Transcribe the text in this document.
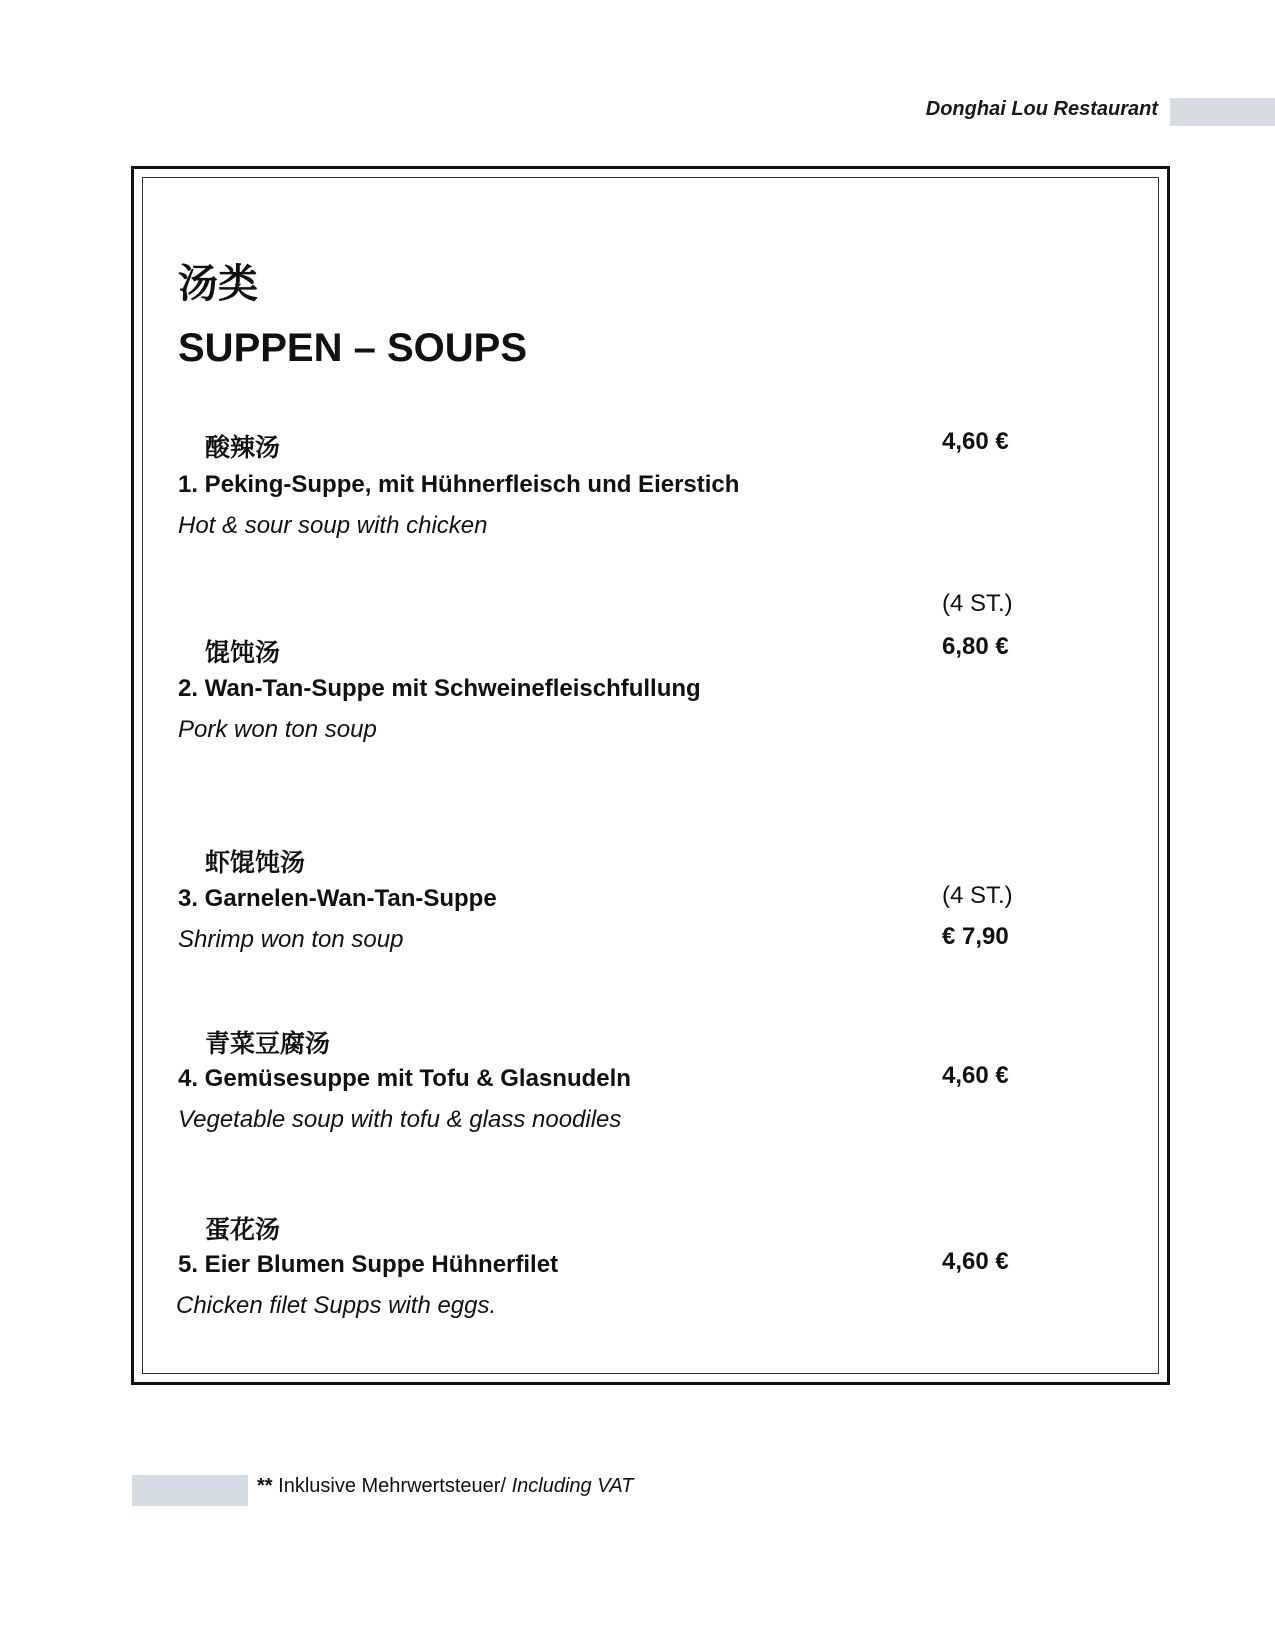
Donghai Lou Restaurant
汤类
SUPPEN – SOUPS
酸辣汤	4,60 €
1. Peking-Suppe, mit Hühnerfleisch und Eierstich
Hot & sour soup with chicken
(4 ST.)
馄饨汤	6,80 €
2. Wan-Tan-Suppe mit Schweinefleischfullung
Pork won ton soup
虾馄饨汤
(4 ST.)
3. Garnelen-Wan-Tan-Suppe
€ 7,90
Shrimp won ton soup
青菜豆腐汤
4,60 €
4. Gemüsesuppe mit Tofu & Glasnudeln
Vegetable soup with tofu & glass noodiles
蛋花汤
4,60 €
5. Eier Blumen Suppe Hühnerfilet
Chicken filet Supps with eggs.
** Inklusive Mehrwertsteuer/ Including VAT
